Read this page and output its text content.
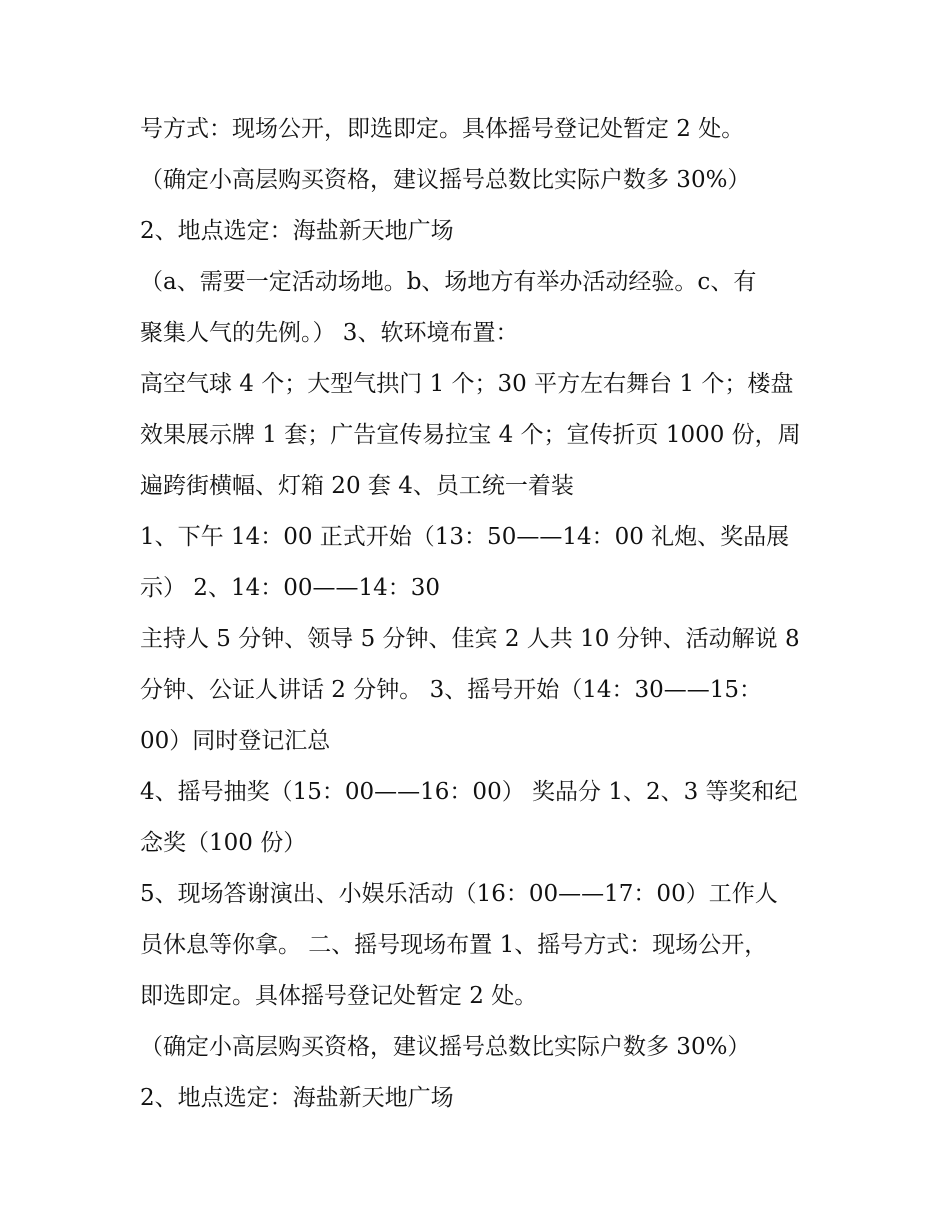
号方式：现场公开，即选即定。具体摇号登记处暂定 2 处。
（确定小高层购买资格，建议摇号总数比实际户数多 30%）
2、地点选定：海盐新天地广场
（a、需要一定活动场地。b、场地方有举办活动经验。c、有
聚集人气的先例。） 3、软环境布置：
高空气球 4 个；大型气拱门 1 个；30 平方左右舞台 1 个；楼盘
效果展示牌 1 套；广告宣传易拉宝 4 个；宣传折页 1000 份，周
遍跨街横幅、灯箱 20 套 4、员工统一着装
1、下午 14：00 正式开始（13：50——14：00 礼炮、奖品展
示） 2、14：00——14：30
主持人 5 分钟、领导 5 分钟、佳宾 2 人共 10 分钟、活动解说 8
分钟、公证人讲话 2 分钟。 3、摇号开始（14：30——15：
00）同时登记汇总
4、摇号抽奖（15：00——16：00） 奖品分 1、2、3 等奖和纪
念奖（100 份）
5、现场答谢演出、小娱乐活动（16：00——17：00）工作人
员休息等你拿。 二、摇号现场布置 1、摇号方式：现场公开，
即选即定。具体摇号登记处暂定 2 处。
（确定小高层购买资格，建议摇号总数比实际户数多 30%）
2、地点选定：海盐新天地广场
